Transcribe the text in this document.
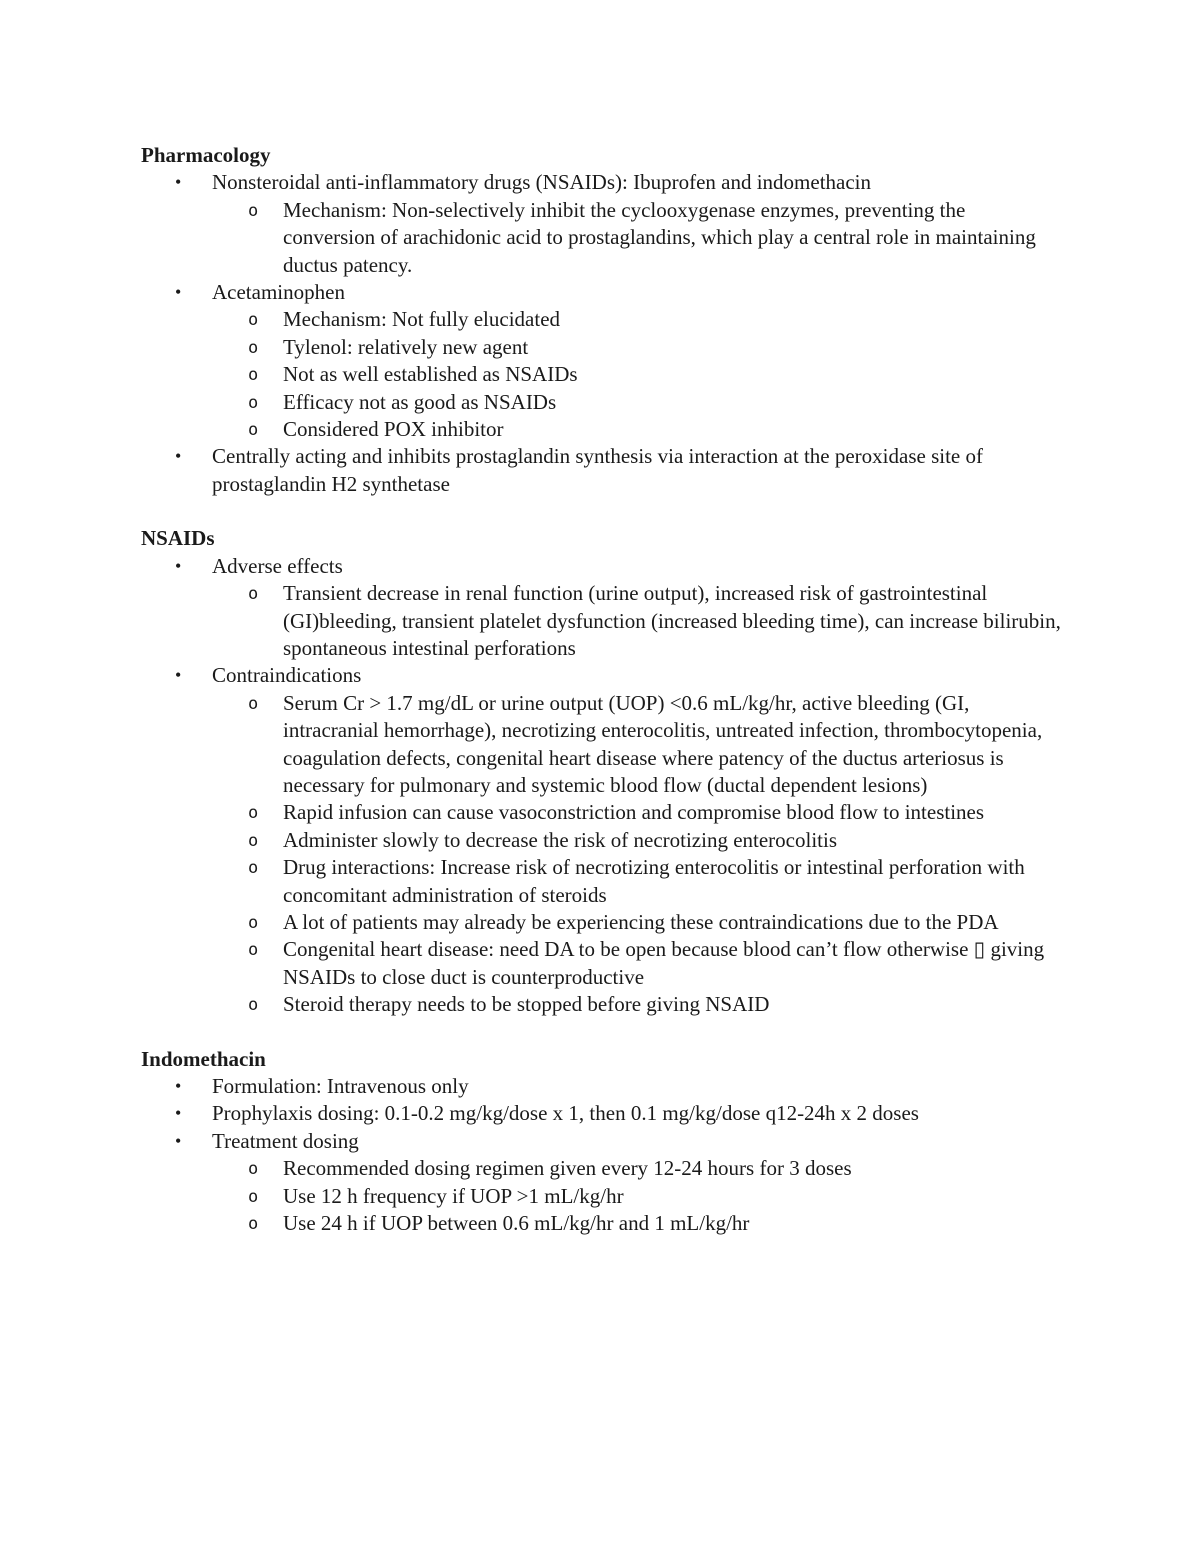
Pharmacology
• Nonsteroidal anti-inflammatory drugs (NSAIDs): Ibuprofen and indomethacin
o Mechanism: Non-selectively inhibit the cyclooxygenase enzymes, preventing the conversion of arachidonic acid to prostaglandins, which play a central role in maintaining ductus patency.
• Acetaminophen
o Mechanism: Not fully elucidated
o Tylenol: relatively new agent
o Not as well established as NSAIDs
o Efficacy not as good as NSAIDs
o Considered POX inhibitor
• Centrally acting and inhibits prostaglandin synthesis via interaction at the peroxidase site of prostaglandin H2 synthetase
NSAIDs
• Adverse effects
o Transient decrease in renal function (urine output), increased risk of gastrointestinal (GI)bleeding, transient platelet dysfunction (increased bleeding time), can increase bilirubin, spontaneous intestinal perforations
• Contraindications
o Serum Cr > 1.7 mg/dL or urine output (UOP) <0.6 mL/kg/hr, active bleeding (GI, intracranial hemorrhage), necrotizing enterocolitis, untreated infection, thrombocytopenia, coagulation defects, congenital heart disease where patency of the ductus arteriosus is necessary for pulmonary and systemic blood flow (ductal dependent lesions)
o Rapid infusion can cause vasoconstriction and compromise blood flow to intestines
o Administer slowly to decrease the risk of necrotizing enterocolitis
o Drug interactions: Increase risk of necrotizing enterocolitis or intestinal perforation with concomitant administration of steroids
o A lot of patients may already be experiencing these contraindications due to the PDA
o Congenital heart disease: need DA to be open because blood can’t flow otherwise ▯ giving NSAIDs to close duct is counterproductive
o Steroid therapy needs to be stopped before giving NSAID
Indomethacin
• Formulation: Intravenous only
• Prophylaxis dosing: 0.1-0.2 mg/kg/dose x 1, then 0.1 mg/kg/dose q12-24h x 2 doses
• Treatment dosing
o Recommended dosing regimen given every 12-24 hours for 3 doses
o Use 12 h frequency if UOP >1 mL/kg/hr
o Use 24 h if UOP between 0.6 mL/kg/hr and 1 mL/kg/hr
